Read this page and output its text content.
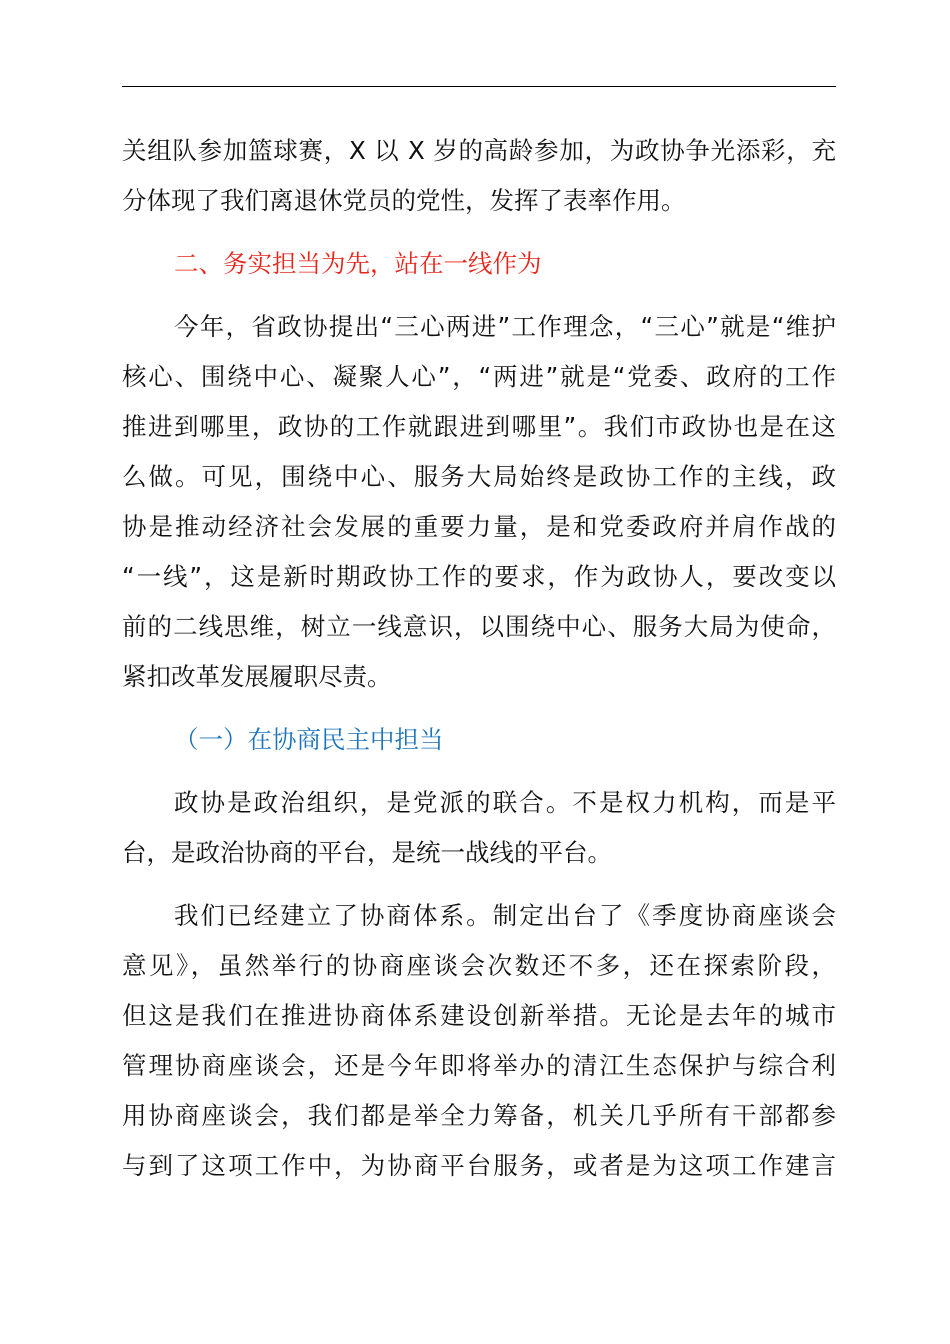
关组队参加篮球赛，X 以 X 岁的高龄参加，为政协争光添彩，充
分体现了我们离退休党员的党性，发挥了表率作用。
二、务实担当为先，站在一线作为
今年，省政协提出“三心两进”工作理念，“三心”就是“维护
核心、围绕中心、凝聚人心”，“两进”就是“党委、政府的工作
推进到哪里，政协的工作就跟进到哪里”。我们市政协也是在这
么做。可见，围绕中心、服务大局始终是政协工作的主线，政
协是推动经济社会发展的重要力量，是和党委政府并肩作战的
“一线”，这是新时期政协工作的要求，作为政协人，要改变以
前的二线思维，树立一线意识，以围绕中心、服务大局为使命，
紧扣改革发展履职尽责。
（一）在协商民主中担当
政协是政治组织，是党派的联合。不是权力机构，而是平
台，是政治协商的平台，是统一战线的平台。
我们已经建立了协商体系。制定出台了《季度协商座谈会
意见》，虽然举行的协商座谈会次数还不多，还在探索阶段，
但这是我们在推进协商体系建设创新举措。无论是去年的城市
管理协商座谈会，还是今年即将举办的清江生态保护与综合利
用协商座谈会，我们都是举全力筹备，机关几乎所有干部都参
与到了这项工作中，为协商平台服务，或者是为这项工作建言
